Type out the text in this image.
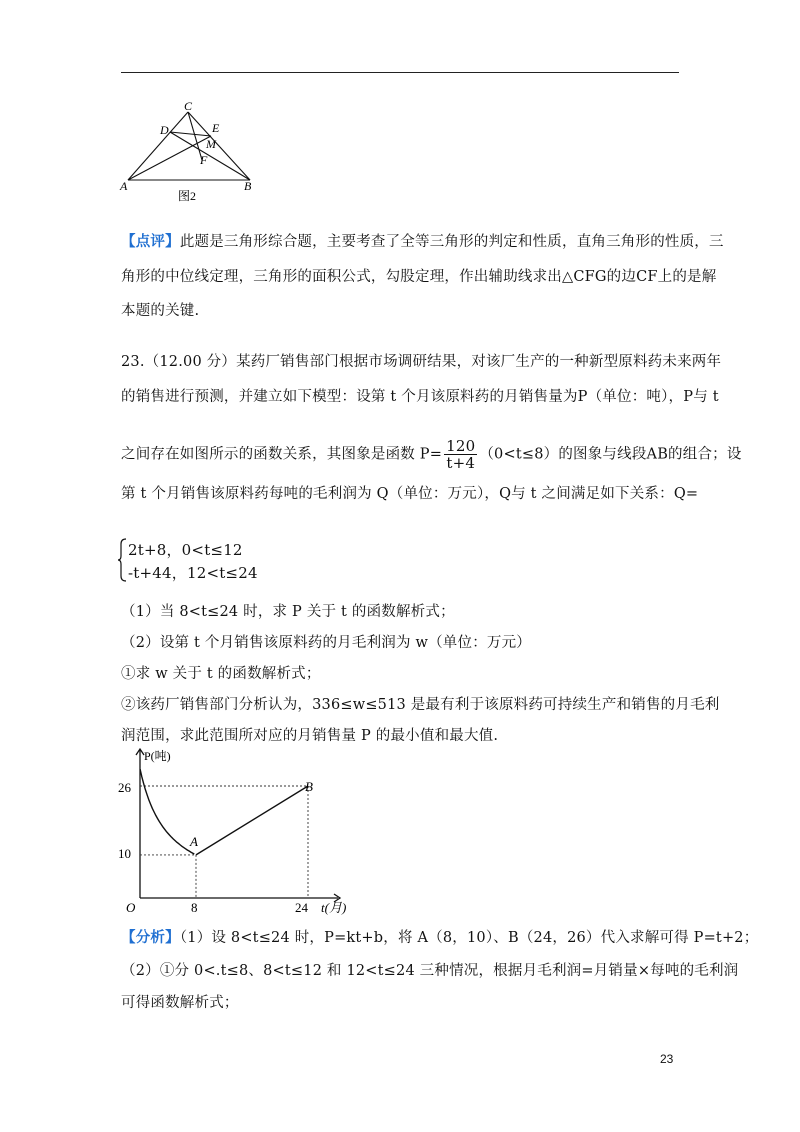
C
D	E
M
F
A	B
图2
【点评】此题是三角形综合题，主要考查了全等三角形的判定和性质，直角三角形的性质，三
角形的中位线定理，三角形的面积公式，勾股定理，作出辅助线求出△CFG的边CF上的是解
本题的关键.
23.（12.00 分）某药厂销售部门根据市场调研结果，对该厂生产的一种新型原料药未来两年
的销售进行预测，并建立如下模型：设第 t 个月该原料药的月销售量为P（单位：吨），P与 t
之间存在如图所示的函数关系，其图象是函数 $P= \frac{120}{t+4} (0<t\le 8)$的图象与线段AB的组合；设
第 t 个月销售该原料药每吨的毛利润为 Q（单位：万元），Q与 t 之间满足如下关系：Q=
2t+8，0<t≤12
-t+44，12<t≤24
（1）当 8<t≤24 时，求 P 关于 t 的函数解析式；
（2）设第 t 个月销售该原料药的月毛利润为 w（单位：万元）
①求 w 关于 t 的函数解析式；
②该药厂销售部门分析认为，336≤w≤513 是最有利于该原料药可持续生产和销售的月毛利
润范围，求此范围所对应的月销售量 P 的最小值和最大值.
P(吨)
t(月)
O
26
10
8	24
A
B
【分析】（1）设 8<t≤24 时，P=kt+b，将 A（8，10）、B（24，26）代入求解可得 P=t+2；
（2）①分 0<.t≤8、8<t≤12 和 12<t≤24 三种情况，根据月毛利润=月销量×每吨的毛利润
可得函数解析式；
23
